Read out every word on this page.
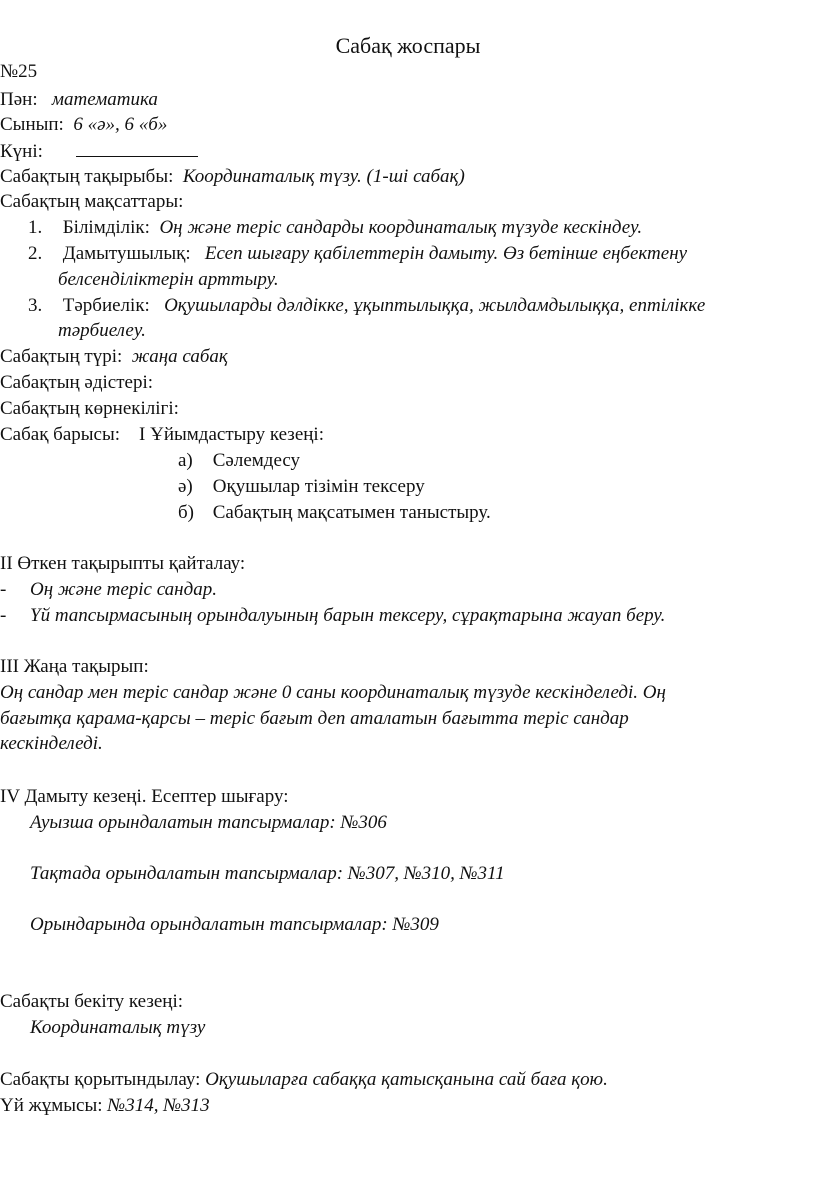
Сабақ жоспары
№25
Пән: математика
Сынып: 6 «ә», 6 «б»
Күні:
Сабақтың тақырыбы: Координаталық түзу. (1-ші сабақ)
Сабақтың мақсаттары:
1. Білімділік: Оң және теріс сандарды координаталық түзуде кескіндеу.
2. Дамытушылық: Есеп шығару қабілеттерін дамыту. Өз бетінше еңбектену
белсенділіктерін арттыру.
3. Тәрбиелік: Оқушыларды дәлдікке, ұқыптылыққа, жылдамдылыққа, ептілікке
тәрбиелеу.
Сабақтың түрі: жаңа сабақ
Сабақтың әдістері:
Сабақтың көрнекілігі:
Сабақ барысы: I Ұйымдастыру кезеңі:
а) Сәлемдесу
ә) Оқушылар тізімін тексеру
б) Сабақтың мақсатымен таныстыру.
II Өткен тақырыпты қайталау:
- Оң және теріс сандар.
- Үй тапсырмасының орындалуының барын тексеру, сұрақтарына жауап беру.
III Жаңа тақырып:
Оң сандар мен теріс сандар және 0 саны координаталық түзуде кескінделеді. Оң
бағытқа қарама-қарсы – теріс бағыт деп аталатын бағытта теріс сандар
кескінделеді.
IV Дамыту кезеңі. Есептер шығару:
Ауызша орындалатын тапсырмалар: №306
Тақтада орындалатын тапсырмалар: №307, №310, №311
Орындарында орындалатын тапсырмалар: №309
Сабақты бекіту кезеңі:
Координаталық түзу
Сабақты қорытындылау: Оқушыларға сабаққа қатысқанына сай баға қою.
Үй жұмысы: №314, №313
